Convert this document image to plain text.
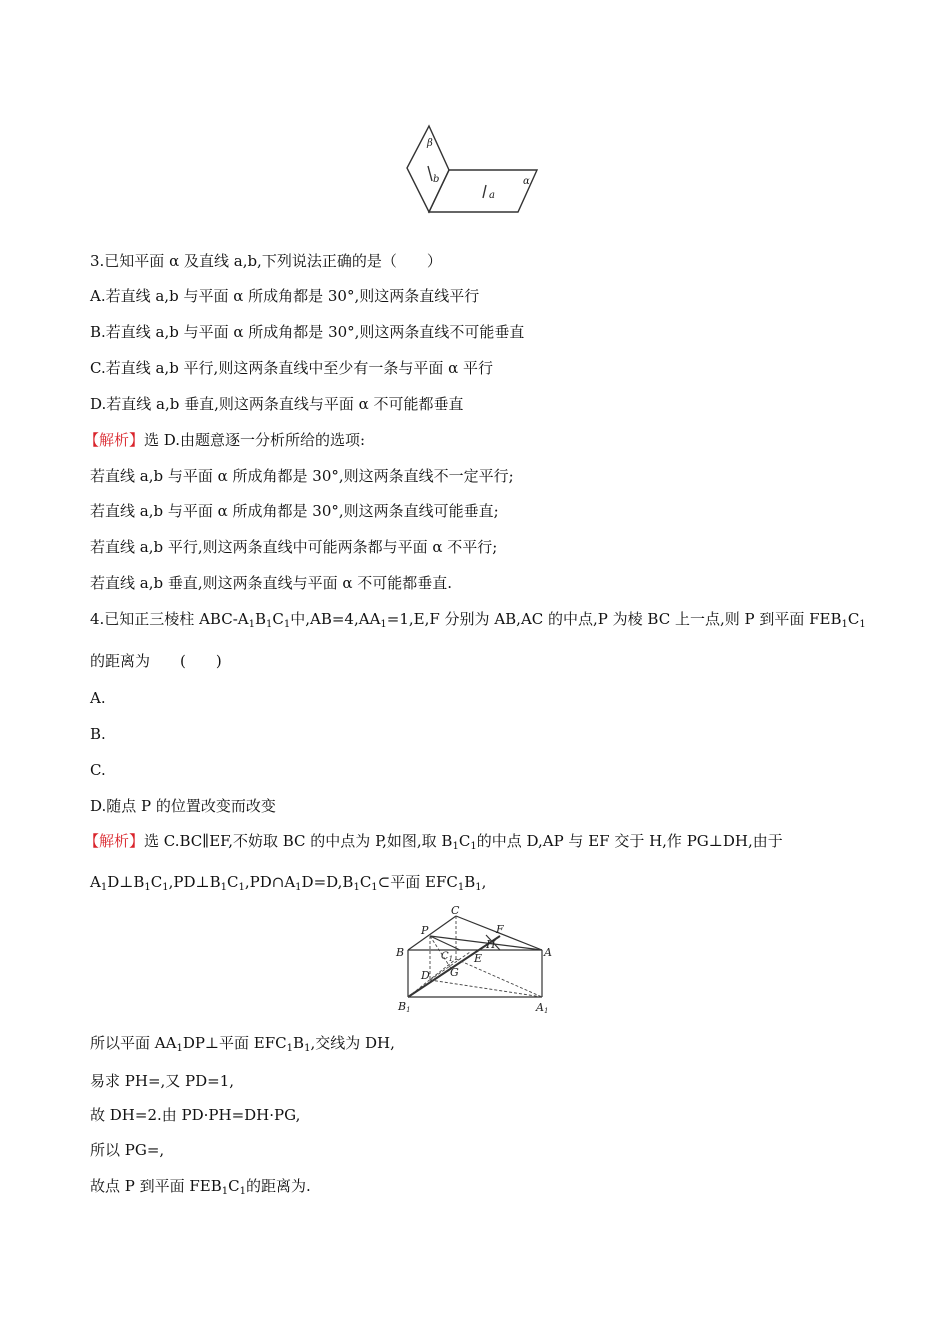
β
b	α
a
3.已知平面 α 及直线 a,b,下列说法正确的是（　　）
A.若直线 a,b 与平面 α 所成角都是 30°,则这两条直线平行
B.若直线 a,b 与平面 α 所成角都是 30°,则这两条直线不可能垂直
C.若直线 a,b 平行,则这两条直线中至少有一条与平面 α 平行
D.若直线 a,b 垂直,则这两条直线与平面 α 不可能都垂直
【解析】选 D.由题意逐一分析所给的选项:
若直线 a,b 与平面 α 所成角都是 30°,则这两条直线不一定平行;
若直线 a,b 与平面 α 所成角都是 30°,则这两条直线可能垂直;
若直线 a,b 平行,则这两条直线中可能两条都与平面 α 不平行;
若直线 a,b 垂直,则这两条直线与平面 α 不可能都垂直.
4.已知正三棱柱 ABC-$A_1B_1C_1$中$,AB=4,AA_1=1,E,F$ 分别为 AB,AC 的中点,P 为棱 BC 上一点,则 P 到平面 $FEB_1C_1$
的距离为　　(　　)
A.
B.
C.
D.随点 P 的位置改变而改变
【解析】选 C.BC∥EF,不妨取 BC 的中点为 P,如图,取 $B_1C_1$的中点 D,AP 与 EF 交于 H,作 PG⊥DH,由于
$A_1D\perp B_1C_1,PD\perp B_1C_1,PD\cap A_1D=D,B_1C_1\subset$平面 $EFC_1B_1$,
C
P	F
H
B	A
$C_1$ E
D G
B1	A1
所以平面 $AA_1DP\perp$平面 $EFC_1B_1$,交线为 DH,
易求 PH=,又 PD=1,
故 DH=2.由 PD·PH=DH·PG,
所以 PG=,
故点 P 到平面 $FEB_1C_1$的距离为.
